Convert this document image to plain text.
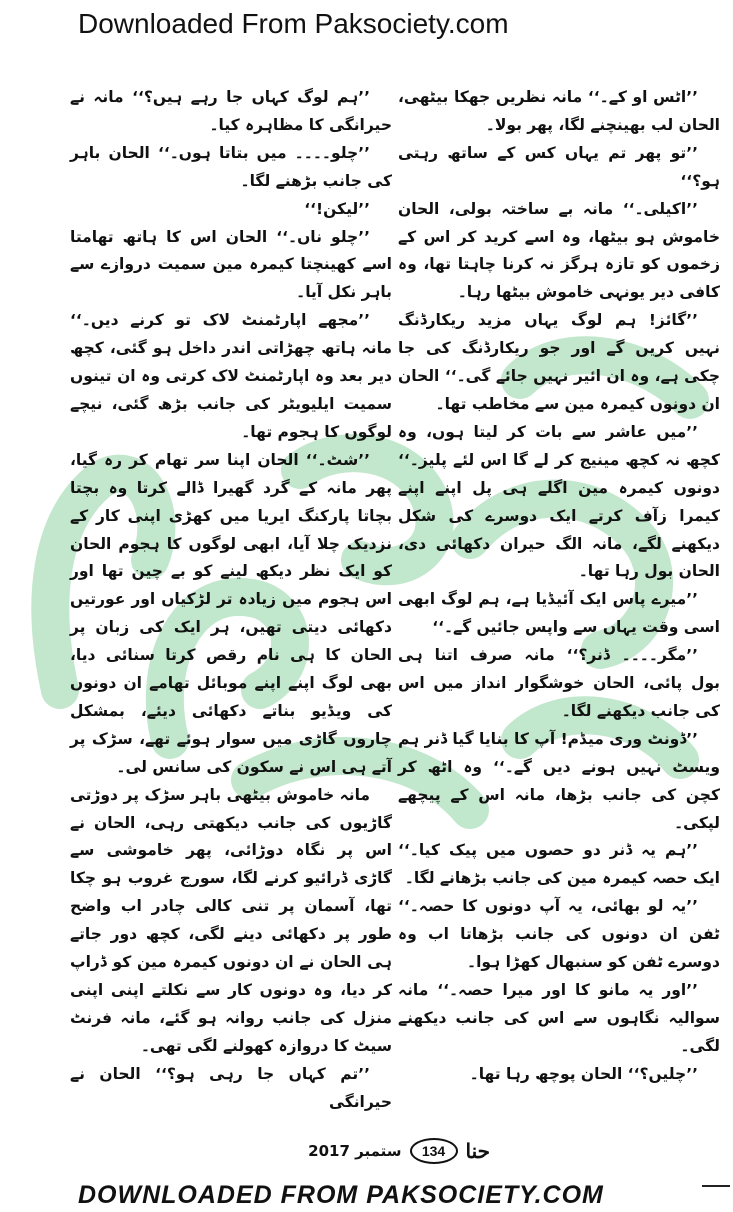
Downloaded From Paksociety.com

’’اٹس او کے۔‘‘ مانہ نظریں جھکا بیٹھی، الحان لب بھینچنے لگا، پھر بولا۔

’’تو پھر تم یہاں کس کے ساتھ رہتی ہو؟‘‘

’’اکیلی۔‘‘ مانہ بے ساختہ بولی، الحان خاموش ہو بیٹھا، وہ اسے کرید کر اس کے زخموں کو تازہ ہرگز نہ کرنا چاہتا تھا، وہ کافی دیر یونہی خاموش بیٹھا رہا۔

’’گائز! ہم لوگ یہاں مزید ریکارڈنگ نہیں کریں گے اور جو ریکارڈنگ کی جا چکی ہے، وہ ان ائیر نہیں جائے گی۔‘‘ الحان ان دونوں کیمرہ مین سے مخاطب تھا۔

’’میں عاشر سے بات کر لیتا ہوں، وہ کچھ نہ کچھ مینیج کر لے گا اس لئے پلیز۔‘‘ دونوں کیمرہ مین اگلے ہی پل اپنے اپنے کیمرا زآف کرتے ایک دوسرے کی شکل دیکھنے لگے، مانہ الگ حیران دکھائی دی، الحان بول رہا تھا۔

’’میرے پاس ایک آئیڈیا ہے، ہم لوگ ابھی اسی وقت یہاں سے واپس جائیں گے۔‘‘

’’مگر۔۔۔۔ ڈنر؟‘‘ مانہ صرف اتنا ہی بول پائی، الحان خوشگوار انداز میں اس کی جانب دیکھنے لگا۔

’’ڈونٹ وری میڈم! آپ کا بنایا گیا ڈنر ہم ویسٹ نہیں ہونے دیں گے۔‘‘ وہ اٹھ کر کچن کی جانب بڑھا، مانہ اس کے پیچھے لپکی۔

’’ہم یہ ڈنر دو حصوں میں پیک کیا۔‘‘ ایک حصہ کیمرہ مین کی جانب بڑھانے لگا۔

’’یہ لو بھائی، یہ آپ دونوں کا حصہ۔‘‘ ٹفن ان دونوں کی جانب بڑھاتا اب وہ دوسرے ٹفن کو سنبھال کھڑا ہوا۔

’’اور یہ مانو کا اور میرا حصہ۔‘‘ مانہ سوالیہ نگاہوں سے اس کی جانب دیکھنے لگی۔

’’چلیں؟‘‘ الحان پوچھ رہا تھا۔

’’ہم لوگ کہاں جا رہے ہیں؟‘‘ مانہ نے حیرانگی کا مظاہرہ کیا۔

’’چلو۔۔۔۔ میں بتاتا ہوں۔‘‘ الحان باہر کی جانب بڑھنے لگا۔

’’لیکن!‘‘

’’چلو ناں۔‘‘ الحان اس کا ہاتھ تھامتا اسے کھینچتا کیمرہ مین سمیت دروازے سے باہر نکل آیا۔

’’مجھے اپارٹمنٹ لاک تو کرنے دیں۔‘‘ مانہ ہاتھ چھڑاتی اندر داخل ہو گئی، کچھ دیر بعد وہ اپارٹمنٹ لاک کرتی وہ ان تینوں سمیت ایلیویٹر کی جانب بڑھ گئی، نیچے لوگوں کا ہجوم تھا۔

’’شٹ۔‘‘ الحان اپنا سر تھام کر رہ گیا، پھر مانہ کے گرد گھیرا ڈالے کرتا وہ بچتا بچاتا پارکنگ ایریا میں کھڑی اپنی کار کے نزدیک چلا آیا، ابھی لوگوں کا ہجوم الحان کو ایک نظر دیکھ لینے کو بے چین تھا اور اس ہجوم میں زیادہ تر لڑکیاں اور عورتیں دکھائی دیتی تھیں، ہر ایک کی زبان پر الحان کا ہی نام رقص کرتا سنائی دیا، بھی لوگ اپنے اپنے موبائل تھامے ان دونوں کی ویڈیو بناتے دکھائی دیئے، بمشکل چاروں گاڑی میں سوار ہوئے تھے، سڑک پر آتے ہی اس نے سکون کی سانس لی۔

مانہ خاموش بیٹھی باہر سڑک پر دوڑتی گاڑیوں کی جانب دیکھتی رہی، الحان نے اس پر نگاہ دوڑائی، پھر خاموشی سے گاڑی ڈرائیو کرنے لگا، سورج غروب ہو چکا تھا، آسمان پر تنی کالی چادر اب واضح طور پر دکھائی دینے لگی، کچھ دور جاتے ہی الحان نے ان دونوں کیمرہ مین کو ڈراپ کر دیا، وہ دونوں کار سے نکلتے اپنی اپنی منزل کی جانب روانہ ہو گئے، مانہ فرنٹ سیٹ کا دروازہ کھولنے لگی تھی۔

’’تم کہاں جا رہی ہو؟‘‘ الحان نے حیرانگی

حنا
134
ستمبر 2017
DOWNLOADED FROM PAKSOCIETY.COM
